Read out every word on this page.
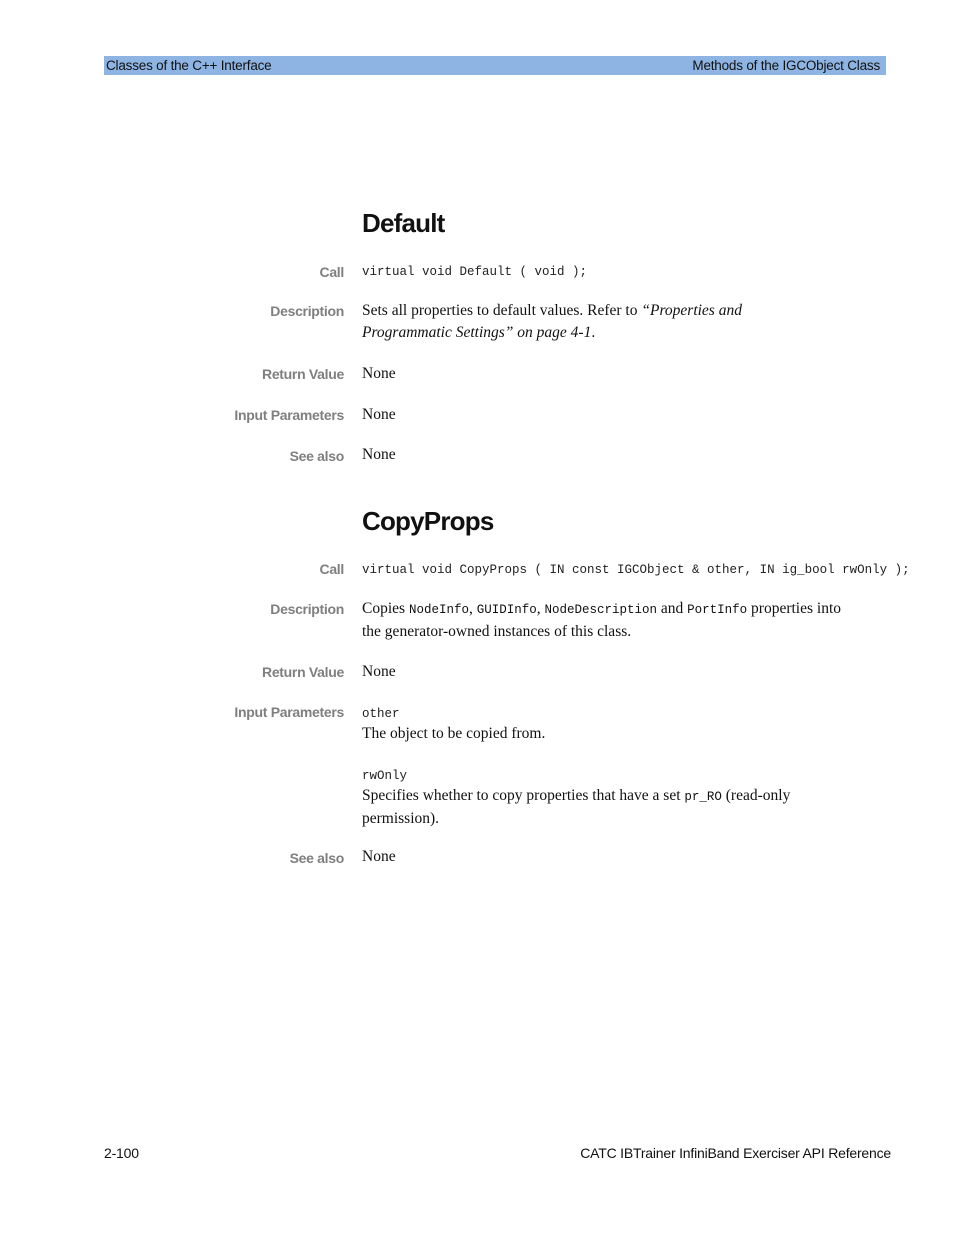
Classes of the C++ Interface	Methods of the IGCObject Class
Default
Call virtual void Default ( void );
Description Sets all properties to default values. Refer to “Properties and
Programmatic Settings” on page 4-1.
Return Value None
Input Parameters None
See also None
CopyProps
Call virtual void CopyProps ( IN const IGCObject & other, IN ig_bool rwOnly );
Description Copies NodeInfo, GUIDInfo, NodeDescription and PortInfo properties into
the generator-owned instances of this class.
Return Value None
Input Parameters other
The object to be copied from.
rwOnly
Specifies whether to copy properties that have a set pr_RO (read-only
permission).
See also None
2-100	CATC IBTrainer InfiniBand Exerciser API Reference
